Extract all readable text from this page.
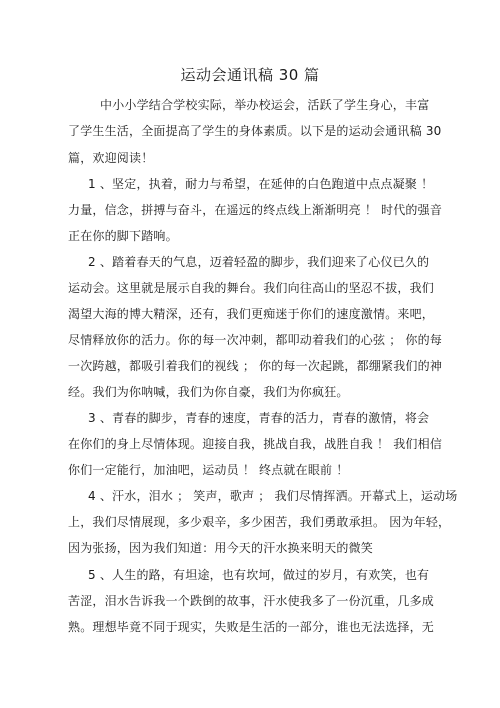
运动会通讯稿 30 篇
中小小学结合学校实际，举办校运会，活跃了学生身心，丰富
了学生生活，全面提高了学生的身体素质。以下是的运动会通讯稿 30
篇，欢迎阅读！
1 、坚定，执着，耐力与希望，在延伸的白色跑道中点点凝聚 ！
力量，信念，拼搏与奋斗，在遥远的终点线上渐渐明亮 ！ 时代的强音
正在你的脚下踏响。
2 、踏着春天的气息，迈着轻盈的脚步，我们迎来了心仪已久的
运动会。这里就是展示自我的舞台。我们向往高山的坚忍不拔，我们
渴望大海的博大精深，还有，我们更痴迷于你们的速度激情。来吧，
尽情释放你的活力。你的每一次冲刺，都叩动着我们的心弦 ； 你的每
一次跨越，都吸引着我们的视线 ； 你的每一次起跳，都绷紧我们的神
经。我们为你呐喊，我们为你自豪，我们为你疯狂。
3 、青春的脚步，青春的速度，青春的活力，青春的激情，将会
在你们的身上尽情体现。迎接自我，挑战自我，战胜自我 ！ 我们相信
你们一定能行，加油吧，运动员 ！ 终点就在眼前 ！
4 、汗水，泪水 ； 笑声，歌声 ； 我们尽情挥洒。开幕式上，运动场
上，我们尽情展现，多少艰辛，多少困苦，我们勇敢承担。 因为年轻，
因为张扬，因为我们知道：用今天的汗水换来明天的微笑
5 、人生的路，有坦途，也有坎坷，做过的岁月，有欢笑，也有
苦涩，泪水告诉我一个跌倒的故事，汗水使我多了一份沉重，几多成
熟。理想毕竟不同于现实，失败是生活的一部分，谁也无法选择，无
